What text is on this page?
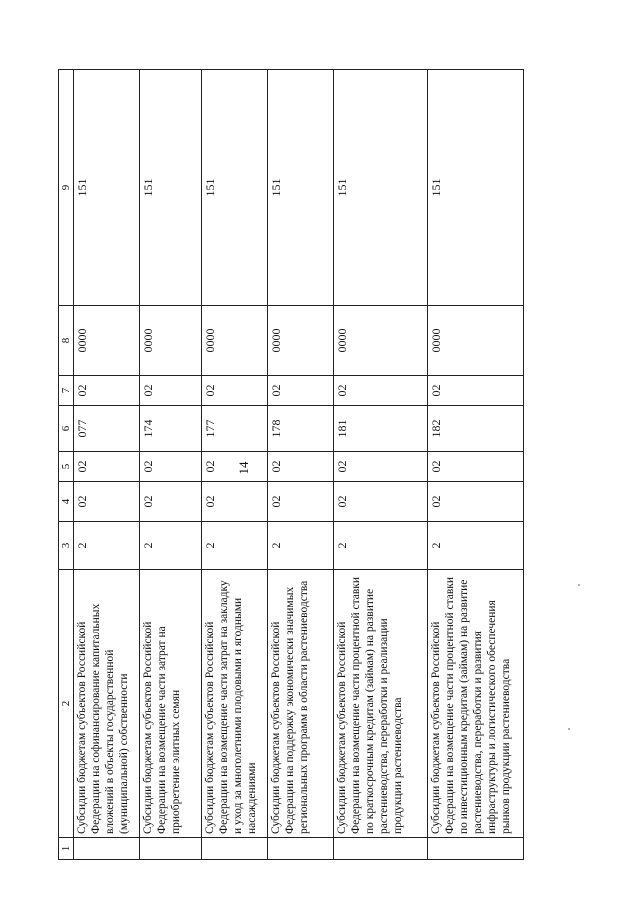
14
1	2	3	4	5	6	7	8	9
	Субсидии бюджетам субъектов Российской Федерации на софинансирование капитальных вложений в объекты государственной (муниципальной) собственности	2	02	02	077	02	0000	151
	Субсидии бюджетам субъектов Российской Федерации на возмещение части затрат на приобретение элитных семян	2	02	02	174	02	0000	151
	Субсидии бюджетам субъектов Российской Федерации на возмещение части затрат на закладку и уход за многолетними плодовыми и ягодными насаждениями	2	02	02	177	02	0000	151
	Субсидии бюджетам субъектов Российской Федерации на поддержку экономически значимых региональных программ в области растениеводства	2	02	02	178	02	0000	151
	Субсидии бюджетам субъектов Российской Федерации на возмещение части процентной ставки по краткосрочным кредитам (займам) на развитие растениеводства, переработки и реализации продукции растениеводства	2	02	02	181	02	0000	151
	Субсидии бюджетам субъектов Российской Федерации на возмещение части процентной ставки по инвестиционным кредитам (займам) на развитие растениеводства, переработки и развития инфраструктуры и логистического обеспечения рынков продукции растениеводства	2	02	02	182	02	0000	151
